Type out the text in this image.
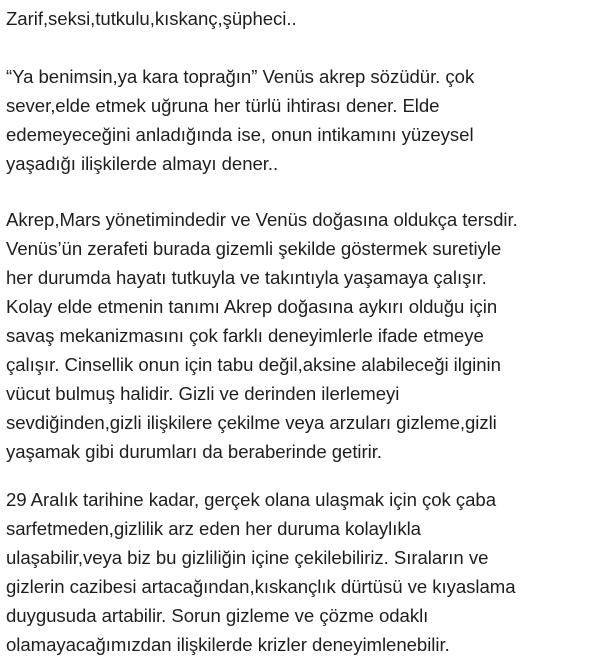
Zarif,seksi,tutkulu,kıskanç,şüpheci..
“Ya benimsin,ya kara toprağın” Venüs akrep sözüdür. çok
sever,elde etmek uğruna her türlü ihtirası dener. Elde
edemeyeceğini anladığında ise, onun intikamını yüzeysel
yaşadığı ilişkilerde almayı dener..
Akrep,Mars yönetimindedir ve Venüs doğasına oldukça tersdir.
Venüs’ün zerafeti burada gizemli şekilde göstermek suretiyle
her durumda hayatı tutkuyla ve takıntıyla yaşamaya çalışır.
Kolay elde etmenin tanımı Akrep doğasına aykırı olduğu için
savaş mekanizmasını çok farklı deneyimlerle ifade etmeye
çalışır. Cinsellik onun için tabu değil,aksine alabileceği ilginin
vücut bulmuş halidir. Gizli ve derinden ilerlemeyi
sevdiğinden,gizli ilişkilere çekilme veya arzuları gizleme,gizli
yaşamak gibi durumları da beraberinde getirir.
29 Aralık tarihine kadar, gerçek olana ulaşmak için çok çaba
sarfetmeden,gizlilik arz eden her duruma kolaylıkla
ulaşabilir,veya biz bu gizliliğin içine çekilebiliriz. Sıraların ve
gizlerin cazibesi artacağından,kıskançlık dürtüsü ve kıyaslama
duygusuda artabilir. Sorun gizleme ve çözme odaklı
olamayacağımızdan ilişkilerde krizler deneyimlenebilir.
